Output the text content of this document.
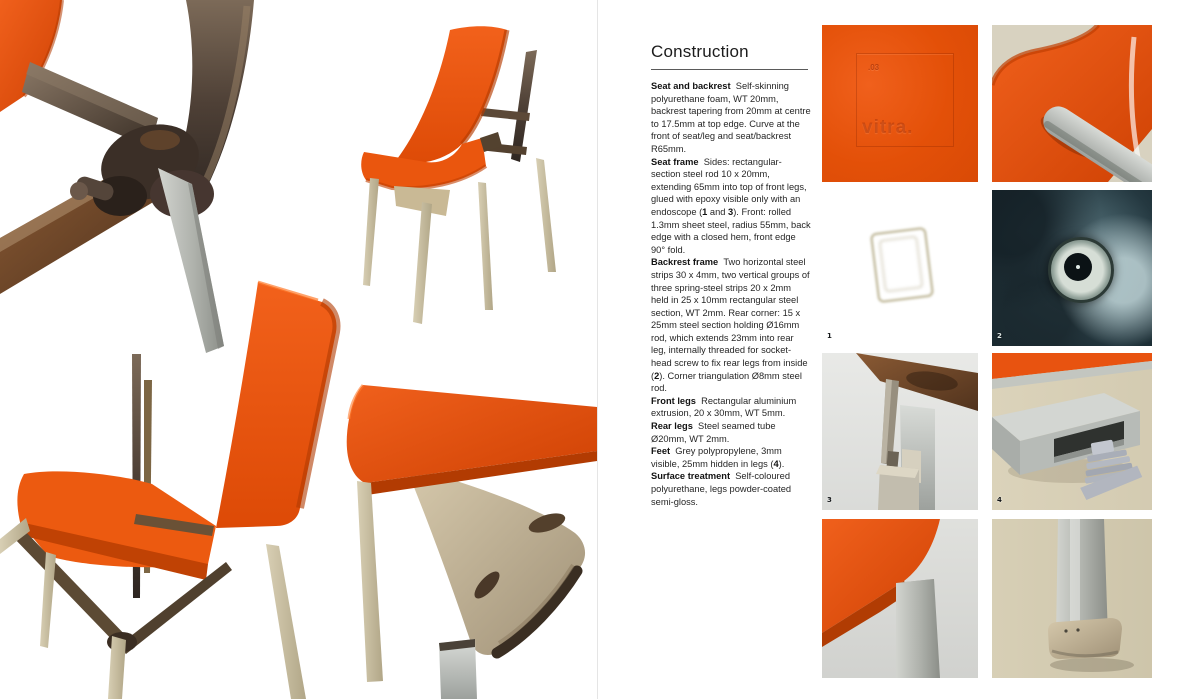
Construction

Seat and backrest  Self-skinning polyurethane foam, WT 20mm, backrest tapering from 20mm at centre to 17.5mm at top edge. Curve at the front of seat/leg and seat/backrest R65mm.

Seat frame  Sides: rectangular-section steel rod 10 x 20mm, extending 65mm into top of front legs, glued with epoxy visible only with an endoscope (1 and 3). Front: rolled 1.3mm sheet steel, radius 55mm, back edge with a closed hem, front edge 90° fold.

Backrest frame  Two horizontal steel strips 30 x 4mm, two vertical groups of three spring-steel strips 20 x 2mm held in 25 x 10mm rectangular steel section, WT 2mm. Rear corner: 15 x 25mm steel section holding Ø16mm rod, which extends 23mm into rear leg, internally threaded for socket-head screw to fix rear legs from inside (2). Corner triangulation Ø8mm steel rod.

Front legs  Rectangular aluminium extrusion, 20 x 30mm, WT 5mm.

Rear legs  Steel seamed tube Ø20mm, WT 2mm.

Feet  Grey polypropylene, 3mm visible, 25mm hidden in legs (4).

Surface treatment  Self-coloured polyurethane, legs powder-coated semi-gloss.

.03
vitra.
1	2
3	4
